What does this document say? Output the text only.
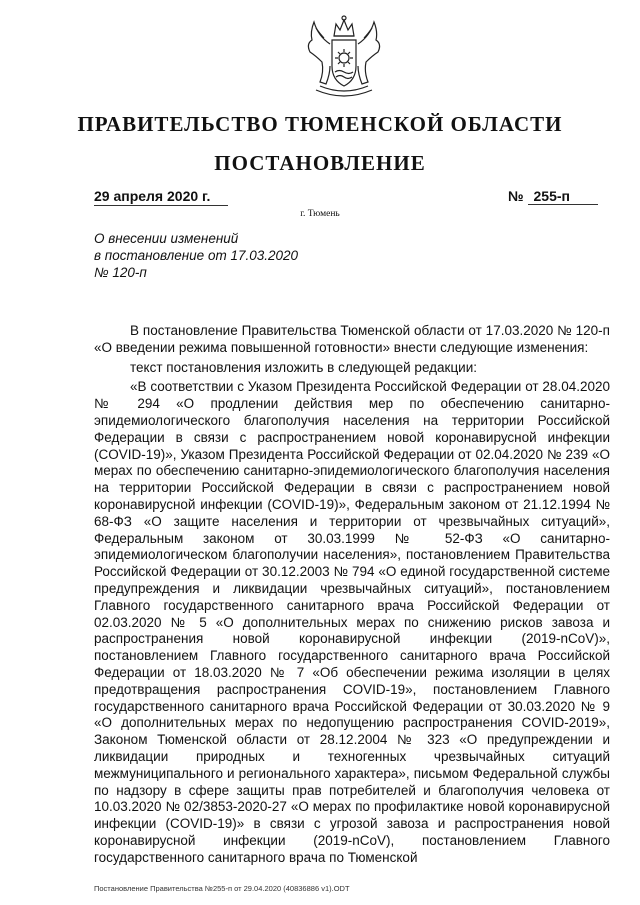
ПРАВИТЕЛЬСТВО ТЮМЕНСКОЙ ОБЛАСТИ
ПОСТАНОВЛЕНИЕ
29 апреля 2020 г.	№ 255-п
г. Тюмень
О внесении изменений
в постановление от 17.03.2020
№ 120-п

В постановление Правительства Тюменской области от 17.03.2020 № 120-п «О введении режима повышенной готовности» внести следующие изменения:

текст постановления изложить в следующей редакции:

«В соответствии с Указом Президента Российской Федерации от 28.04.2020 № 294 «О продлении действия мер по обеспечению санитарно-эпидемиологического благополучия населения на территории Российской Федерации в связи с распространением новой коронавирусной инфекции (COVID-19)», Указом Президента Российской Федерации от 02.04.2020 № 239 «О мерах по обеспечению санитарно-эпидемиологического благополучия населения на территории Российской Федерации в связи с распространением новой коронавирусной инфекции (COVID-19)», Федеральным законом от 21.12.1994 № 68-ФЗ «О защите населения и территории от чрезвычайных ситуаций», Федеральным законом от 30.03.1999 № 52-ФЗ «О санитарно-эпидемиологическом благополучии населения», постановлением Правительства Российской Федерации от 30.12.2003 № 794 «О единой государственной системе предупреждения и ликвидации чрезвычайных ситуаций», постановлением Главного государственного санитарного врача Российской Федерации от 02.03.2020 № 5 «О дополнительных мерах по снижению рисков завоза и распространения новой коронавирусной инфекции (2019-nCoV)», постановлением Главного государственного санитарного врача Российской Федерации от 18.03.2020 № 7 «Об обеспечении режима изоляции в целях предотвращения распространения COVID-19», постановлением Главного государственного санитарного врача Российской Федерации от 30.03.2020 № 9 «О дополнительных мерах по недопущению распространения COVID-2019», Законом Тюменской области от 28.12.2004 № 323 «О предупреждении и ликвидации природных и техногенных чрезвычайных ситуаций межмуниципального и регионального характера», письмом Федеральной службы по надзору в сфере защиты прав потребителей и благополучия человека от 10.03.2020 № 02/3853-2020-27 «О мерах по профилактике новой коронавирусной инфекции (COVID-19)» в связи с угрозой завоза и распространения новой коронавирусной инфекции (2019-nCoV), постановлением Главного государственного санитарного врача по Тюменской

Постановление Правительства №255-п от 29.04.2020 (40836886 v1).ODT
